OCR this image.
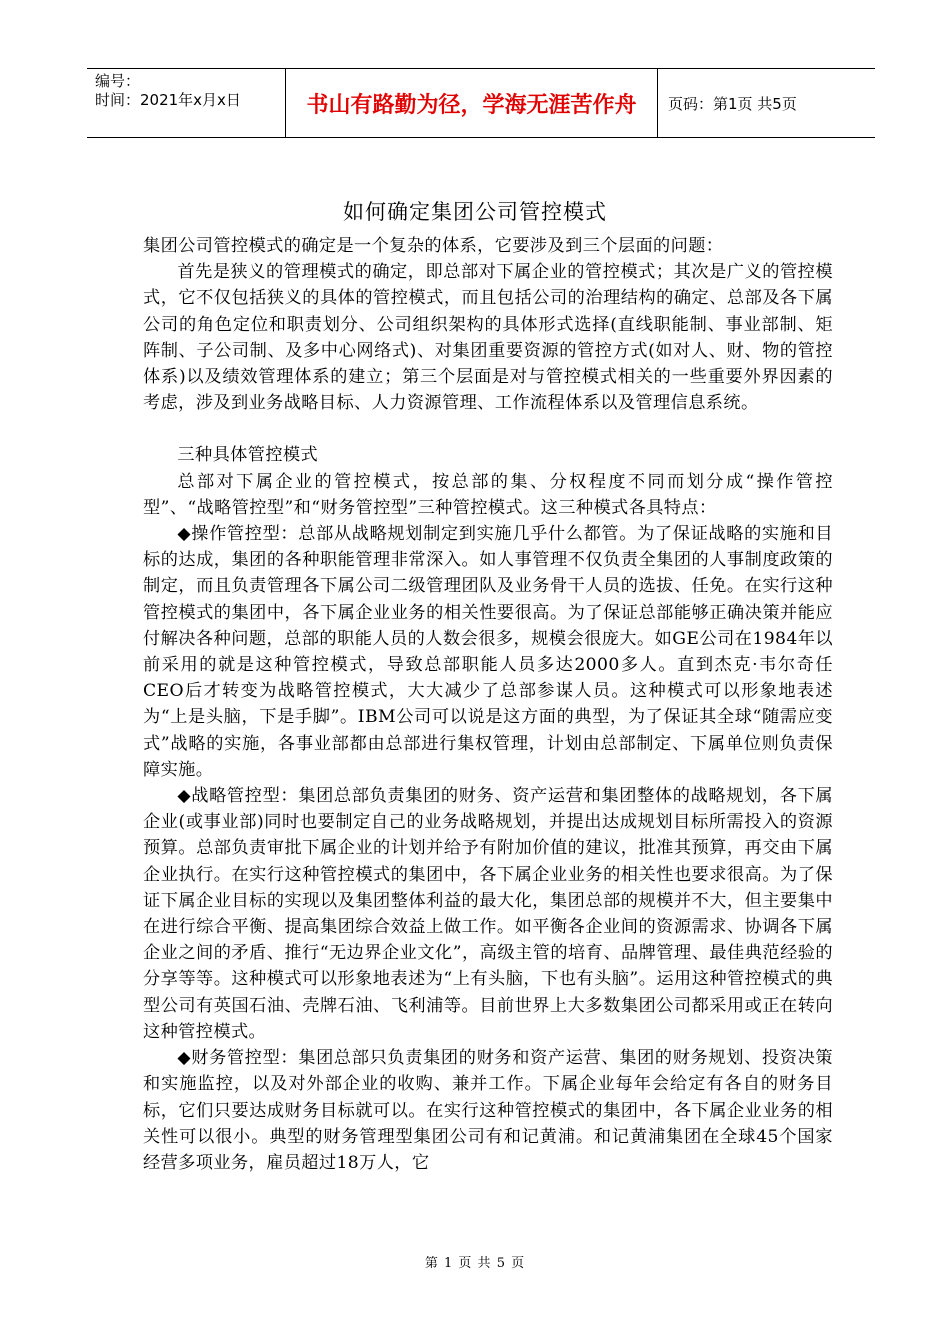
编号：
时间：2021年x月x日	书山有路勤为径，学海无涯苦作舟	页码：第1页 共5页
如何确定集团公司管控模式

集团公司管控模式的确定是一个复杂的体系，它要涉及到三个层面的问题：

首先是狭义的管理模式的确定，即总部对下属企业的管控模式；其次是广义的管控模式，它不仅包括狭义的具体的管控模式，而且包括公司的治理结构的确定、总部及各下属公司的角色定位和职责划分、公司组织架构的具体形式选择(直线职能制、事业部制、矩阵制、子公司制、及多中心网络式)、对集团重要资源的管控方式(如对人、财、物的管控体系)以及绩效管理体系的建立；第三个层面是对与管控模式相关的一些重要外界因素的考虑，涉及到业务战略目标、人力资源管理、工作流程体系以及管理信息系统。

三种具体管控模式

总部对下属企业的管控模式，按总部的集、分权程度不同而划分成“操作管控型”、“战略管控型”和“财务管控型”三种管控模式。这三种模式各具特点：

◆操作管控型：总部从战略规划制定到实施几乎什么都管。为了保证战略的实施和目标的达成，集团的各种职能管理非常深入。如人事管理不仅负责全集团的人事制度政策的制定，而且负责管理各下属公司二级管理团队及业务骨干人员的选拔、任免。在实行这种管控模式的集团中，各下属企业业务的相关性要很高。为了保证总部能够正确决策并能应付解决各种问题，总部的职能人员的人数会很多，规模会很庞大。如GE公司在1984年以前采用的就是这种管控模式，导致总部职能人员多达2000多人。直到杰克·韦尔奇任CEO后才转变为战略管控模式，大大减少了总部参谋人员。这种模式可以形象地表述为“上是头脑，下是手脚”。IBM公司可以说是这方面的典型，为了保证其全球“随需应变式”战略的实施，各事业部都由总部进行集权管理，计划由总部制定、下属单位则负责保障实施。

◆战略管控型：集团总部负责集团的财务、资产运营和集团整体的战略规划，各下属企业(或事业部)同时也要制定自己的业务战略规划，并提出达成规划目标所需投入的资源预算。总部负责审批下属企业的计划并给予有附加价值的建议，批准其预算，再交由下属企业执行。在实行这种管控模式的集团中，各下属企业业务的相关性也要求很高。为了保证下属企业目标的实现以及集团整体利益的最大化，集团总部的规模并不大，但主要集中在进行综合平衡、提高集团综合效益上做工作。如平衡各企业间的资源需求、协调各下属企业之间的矛盾、推行“无边界企业文化”，高级主管的培育、品牌管理、最佳典范经验的分享等等。这种模式可以形象地表述为“上有头脑，下也有头脑”。运用这种管控模式的典型公司有英国石油、壳牌石油、飞利浦等。目前世界上大多数集团公司都采用或正在转向这种管控模式。

◆财务管控型：集团总部只负责集团的财务和资产运营、集团的财务规划、投资决策和实施监控，以及对外部企业的收购、兼并工作。下属企业每年会给定有各自的财务目标，它们只要达成财务目标就可以。在实行这种管控模式的集团中，各下属企业业务的相关性可以很小。典型的财务管理型集团公司有和记黄浦。和记黄浦集团在全球45个国家经营多项业务，雇员超过18万人，它

第 1 页 共 5 页
